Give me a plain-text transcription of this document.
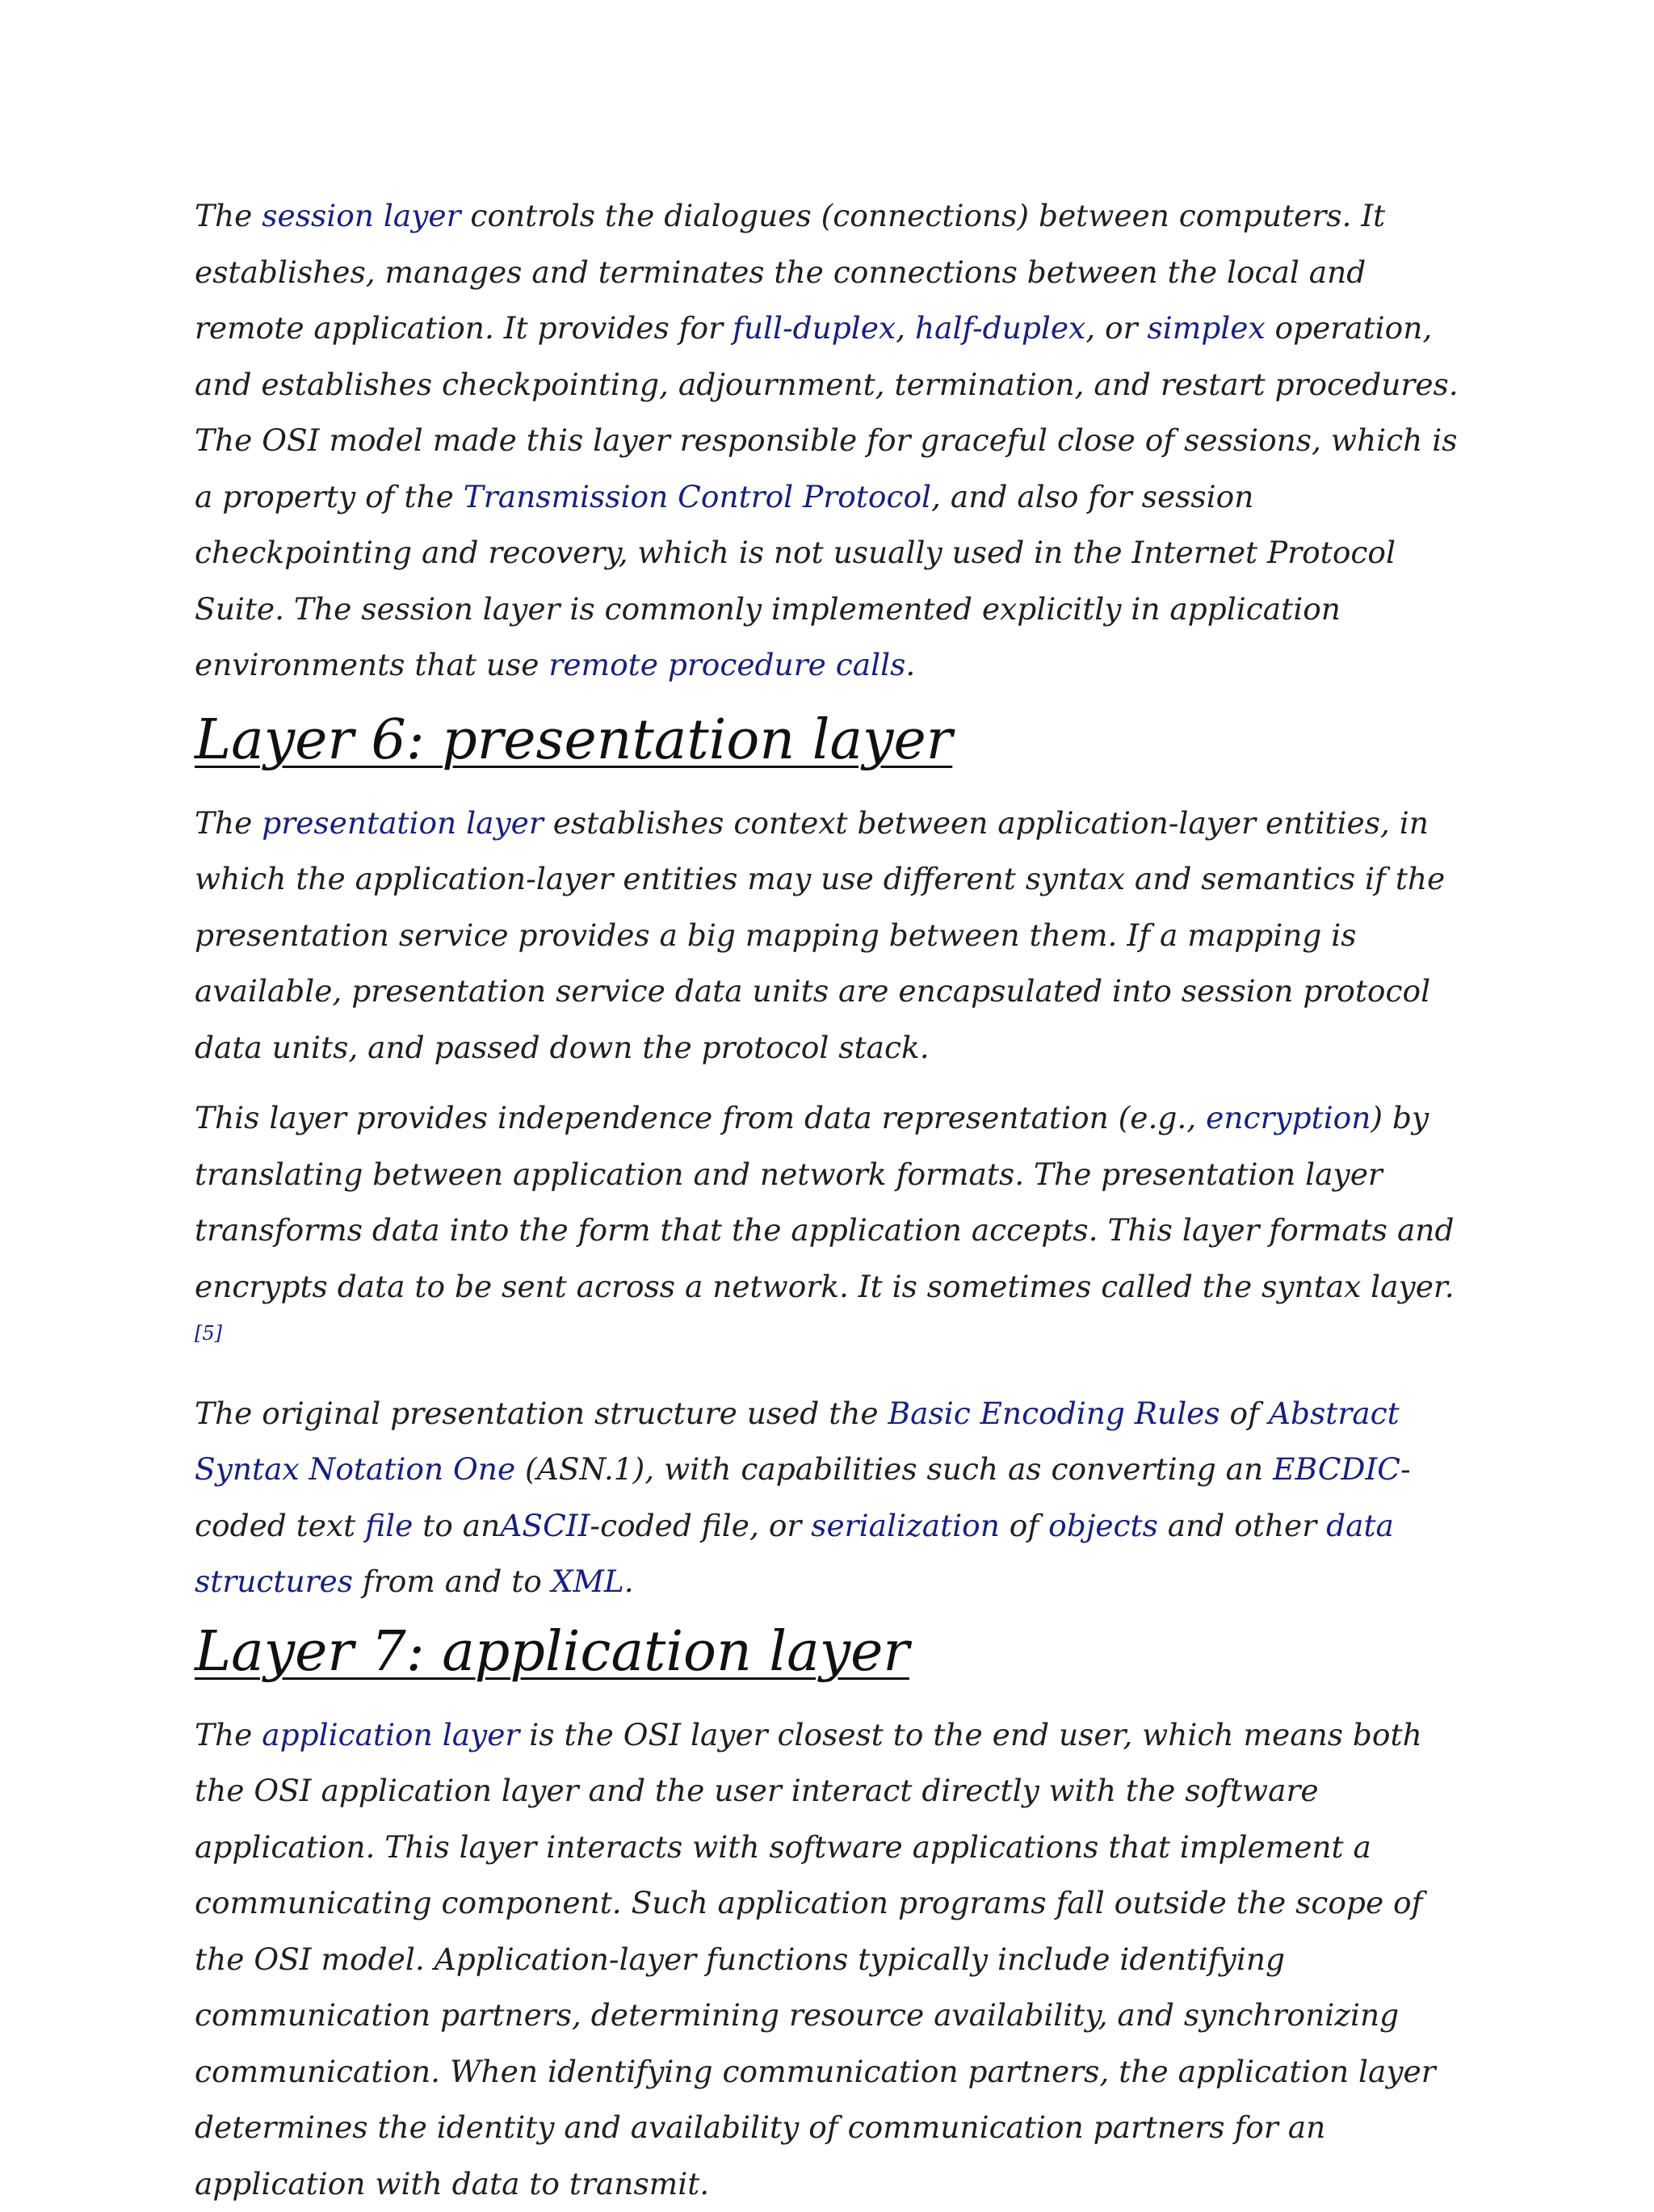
The session layer controls the dialogues (connections) between computers. It establishes, manages and terminates the connections between the local and remote application. It provides for full-duplex, half-duplex, or simplex operation, and establishes checkpointing, adjournment, termination, and restart procedures. The OSI model made this layer responsible for graceful close of sessions, which is a property of the Transmission Control Protocol, and also for session checkpointing and recovery, which is not usually used in the Internet Protocol Suite. The session layer is commonly implemented explicitly in application environments that use remote procedure calls.

Layer 6: presentation layer

The presentation layer establishes context between application-layer entities, in which the application-layer entities may use different syntax and semantics if the presentation service provides a big mapping between them. If a mapping is available, presentation service data units are encapsulated into session protocol data units, and passed down the protocol stack.

This layer provides independence from data representation (e.g., encryption) by translating between application and network formats. The presentation layer transforms data into the form that the application accepts. This layer formats and encrypts data to be sent across a network. It is sometimes called the syntax layer.[5]

The original presentation structure used the Basic Encoding Rules of Abstract Syntax Notation One (ASN.1), with capabilities such as converting an EBCDIC-coded text file to anASCII-coded file, or serialization of objects and other data structures from and to XML.

Layer 7: application layer

The application layer is the OSI layer closest to the end user, which means both the OSI application layer and the user interact directly with the software application. This layer interacts with software applications that implement a communicating component. Such application programs fall outside the scope of the OSI model. Application-layer functions typically include identifying communication partners, determining resource availability, and synchronizing communication. When identifying communication partners, the application layer determines the identity and availability of communication partners for an application with data to transmit.
